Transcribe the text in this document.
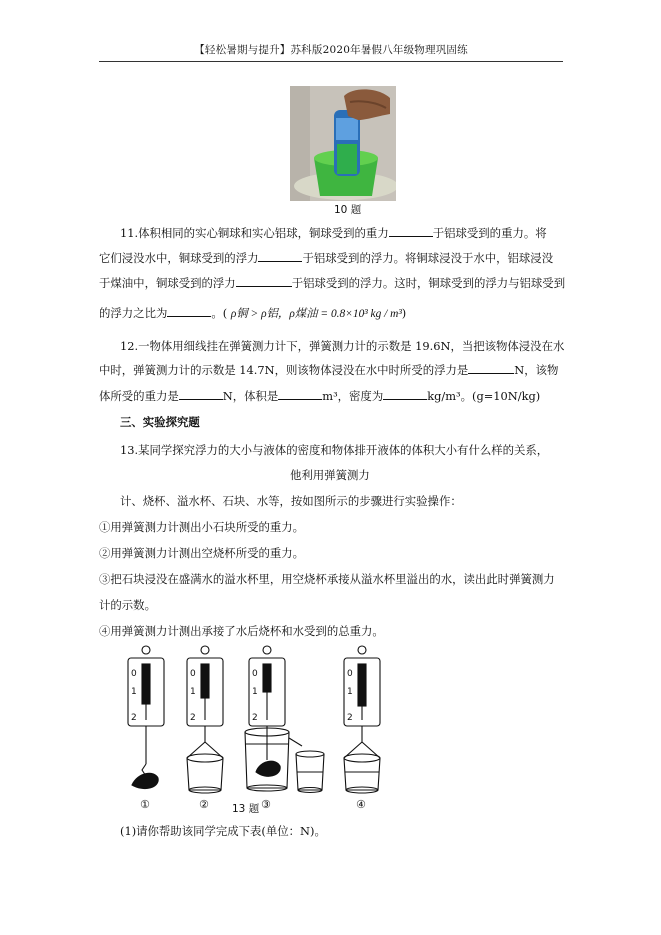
【轻松暑期与提升】苏科版2020年暑假八年级物理巩固练
10 题
11.体积相同的实心铜球和实心铝球，铜球受到的重力	于铝球受到的重力。将
它们浸没水中，铜球受到的浮力	于铝球受到的浮力。将铜球浸没于水中，铝球浸没
于煤油中，铜球受到的浮力	于铝球受到的浮力。这时，铜球受到的浮力与铝球受到
的浮力之比为	。( ρ铜 > ρ铝，ρ煤油 = 0.8×10³ kg / m³)
12.一物体用细线挂在弹簧测力计下，弹簧测力计的示数是 19.6N，当把该物体浸没在水
中时，弹簧测力计的示数是 14.7N，则该物体浸没在水中时所受的浮力是	N，该物
体所受的重力是	N，体积是	m³，密度为	kg/m³。(g=10N/kg)
三、实验探究题
13.某同学探究浮力的大小与液体的密度和物体排开液体的体积大小有什么样的关系，
他利用弹簧测力
计、烧杯、溢水杯、石块、水等，按如图所示的步骤进行实验操作：
①用弹簧测力计测出小石块所受的重力。
②用弹簧测力计测出空烧杯所受的重力。
③把石块浸没在盛满水的溢水杯里，用空烧杯承接从溢水杯里溢出的水，读出此时弹簧测力
计的示数。
④用弹簧测力计测出承接了水后烧杯和水受到的总重力。
0
1
2
0
1
2
0
1
2
0
1
2
①	②	③	④
13 题
(1)请你帮助该同学完成下表(单位：N)。
